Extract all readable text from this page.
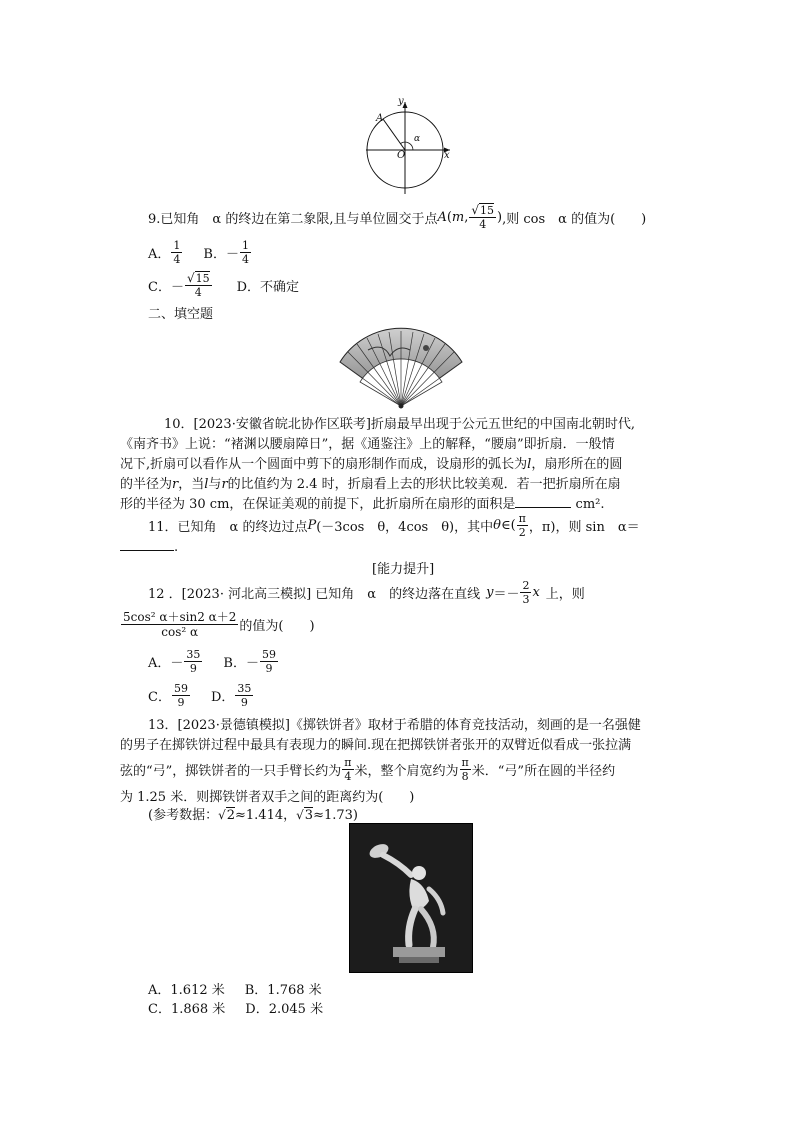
y
x
A
O
α
9.已知角　α 的终边在第二象限,且与单位圆交于点 A ( m , $\frac{√15}{4}$ ) ,则 cos　α 的值为(　　)
A． $\frac{1}{4}$ B．－ $\frac{1}{4}$
C．－ $\frac{√15}{4}$ D．不确定
二、填空题
10．[2023·安徽省皖北协作区联考]折扇最早出现于公元五世纪的中国南北朝时代,
《南齐书》上说：“褚渊以腰扇障日”，据《通鉴注》上的解释，“腰扇”即折扇．一般情
况下,折扇可以看作从一个圆面中剪下的扇形制作而成，设扇形的弧长为l，扇形所在的圆
的半径为r，当l与r的比值约为 2.4 时，折扇看上去的形状比较美观．若一把折扇所在扇
形的半径为 30 cm，在保证美观的前提下，此折扇所在扇形的面积是	cm².
11．已知角　α 的终边过点 P (－3cos　θ，4cos　θ)，其中 θ ∈( $\frac{\pi}{2}$ ，π)，则 sin　α＝
.
[能力提升]
12 ．[2023· 河北高三模拟] 已知角　α　的终边落在直线 $y =- \frac{2}{3}$ x 上，则
$\frac{\text{5cos² α＋sin2 α＋2}}{\text{cos² α}}$ 的值为(　　)
A．－ $\frac{35}{9}$ B．－ $\frac{59}{9}$
C． $\frac{59}{9}$ D． $\frac{35}{9}$
13．[2023·景德镇模拟]《掷铁饼者》取材于希腊的体育竞技活动，刻画的是一名强健
的男子在掷铁饼过程中最具有表现力的瞬间.现在把掷铁饼者张开的双臂近似看成一张拉满
弦的“弓”，掷铁饼者的一只手臂长约为 $\frac{\pi}{4}$ 米，整个肩宽约为 $\frac{\pi}{8}$ 米．“弓”所在圆的半径约
为 1.25 米．则掷铁饼者双手之间的距离约为(　　)
(参考数据：√2≈1.414，√3≈1.73)
A．1.612 米 B．1.768 米
C．1.868 米 D．2.045 米
